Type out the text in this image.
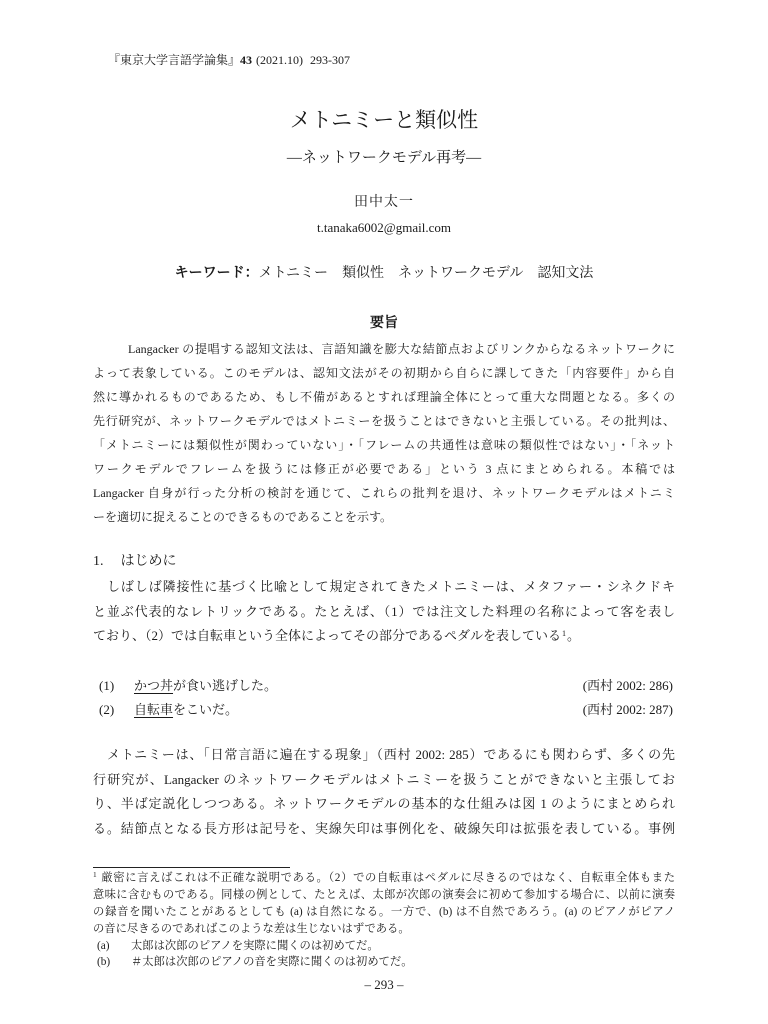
『東京大学言語学論集』43 (2021.10) 293-307
メトニミーと類似性
—ネットワークモデル再考—
田中太一
t.tanaka6002@gmail.com
キーワード：メトニミー 類似性 ネットワークモデル 認知文法
要旨
Langacker の提唱する認知文法は、言語知識を膨大な結節点およびリンクからなるネットワークに
よって表象している。このモデルは、認知文法がその初期から自らに課してきた「内容要件」から自
然に導かれるものであるため、もし不備があるとすれば理論全体にとって重大な問題となる。多くの
先行研究が、ネットワークモデルではメトニミーを扱うことはできないと主張している。その批判は、
「メトニミーには類似性が関わっていない」・「フレームの共通性は意味の類似性ではない」・「ネット
ワークモデルでフレームを扱うには修正が必要である」という 3 点にまとめられる。本稿では
Langacker 自身が行った分析の検討を通じて、これらの批判を退け、ネットワークモデルはメトニミ
ーを適切に捉えることのできるものであることを示す。
1. はじめに
しばしば隣接性に基づく比喩として規定されてきたメトニミーは、メタファー・シネクドキ
と並ぶ代表的なレトリックである。たとえば、（1）では注文した料理の名称によって客を表し
ており、（2）では自転車という全体によってその部分であるペダルを表している$^1$。
(1) かつ丼が食い逃げした。	(西村 2002: 286)
(2) 自転車をこいだ。	(西村 2002: 287)
メトニミーは、「日常言語に遍在する現象」（西村 2002: 285）であるにも関わらず、多くの先
行研究が、Langacker のネットワークモデルはメトニミーを扱うことができないと主張してお
り、半ば定説化しつつある。ネットワークモデルの基本的な仕組みは図 1 のようにまとめられ
る。結節点となる長方形は記号を、実線矢印は事例化を、破線矢印は拡張を表している。事例
$^1$ 厳密に言えばこれは不正確な説明である。（2）での自転車はペダルに尽きるのではなく、自転車全体もまた
意味に含むものである。同様の例として、たとえば、太郎が次郎の演奏会に初めて参加する場合に、以前に演奏
の録音を聞いたことがあるとしても (a) は自然になる。一方で、(b) は不自然であろう。(a) のピアノがピアノ
の音に尽きるのであればこのような差は生じないはずである。
(a) 太郎は次郎のピアノを実際に聞くのは初めてだ。
(b) ＃太郎は次郎のピアノの音を実際に聞くのは初めてだ。
– 293 –
